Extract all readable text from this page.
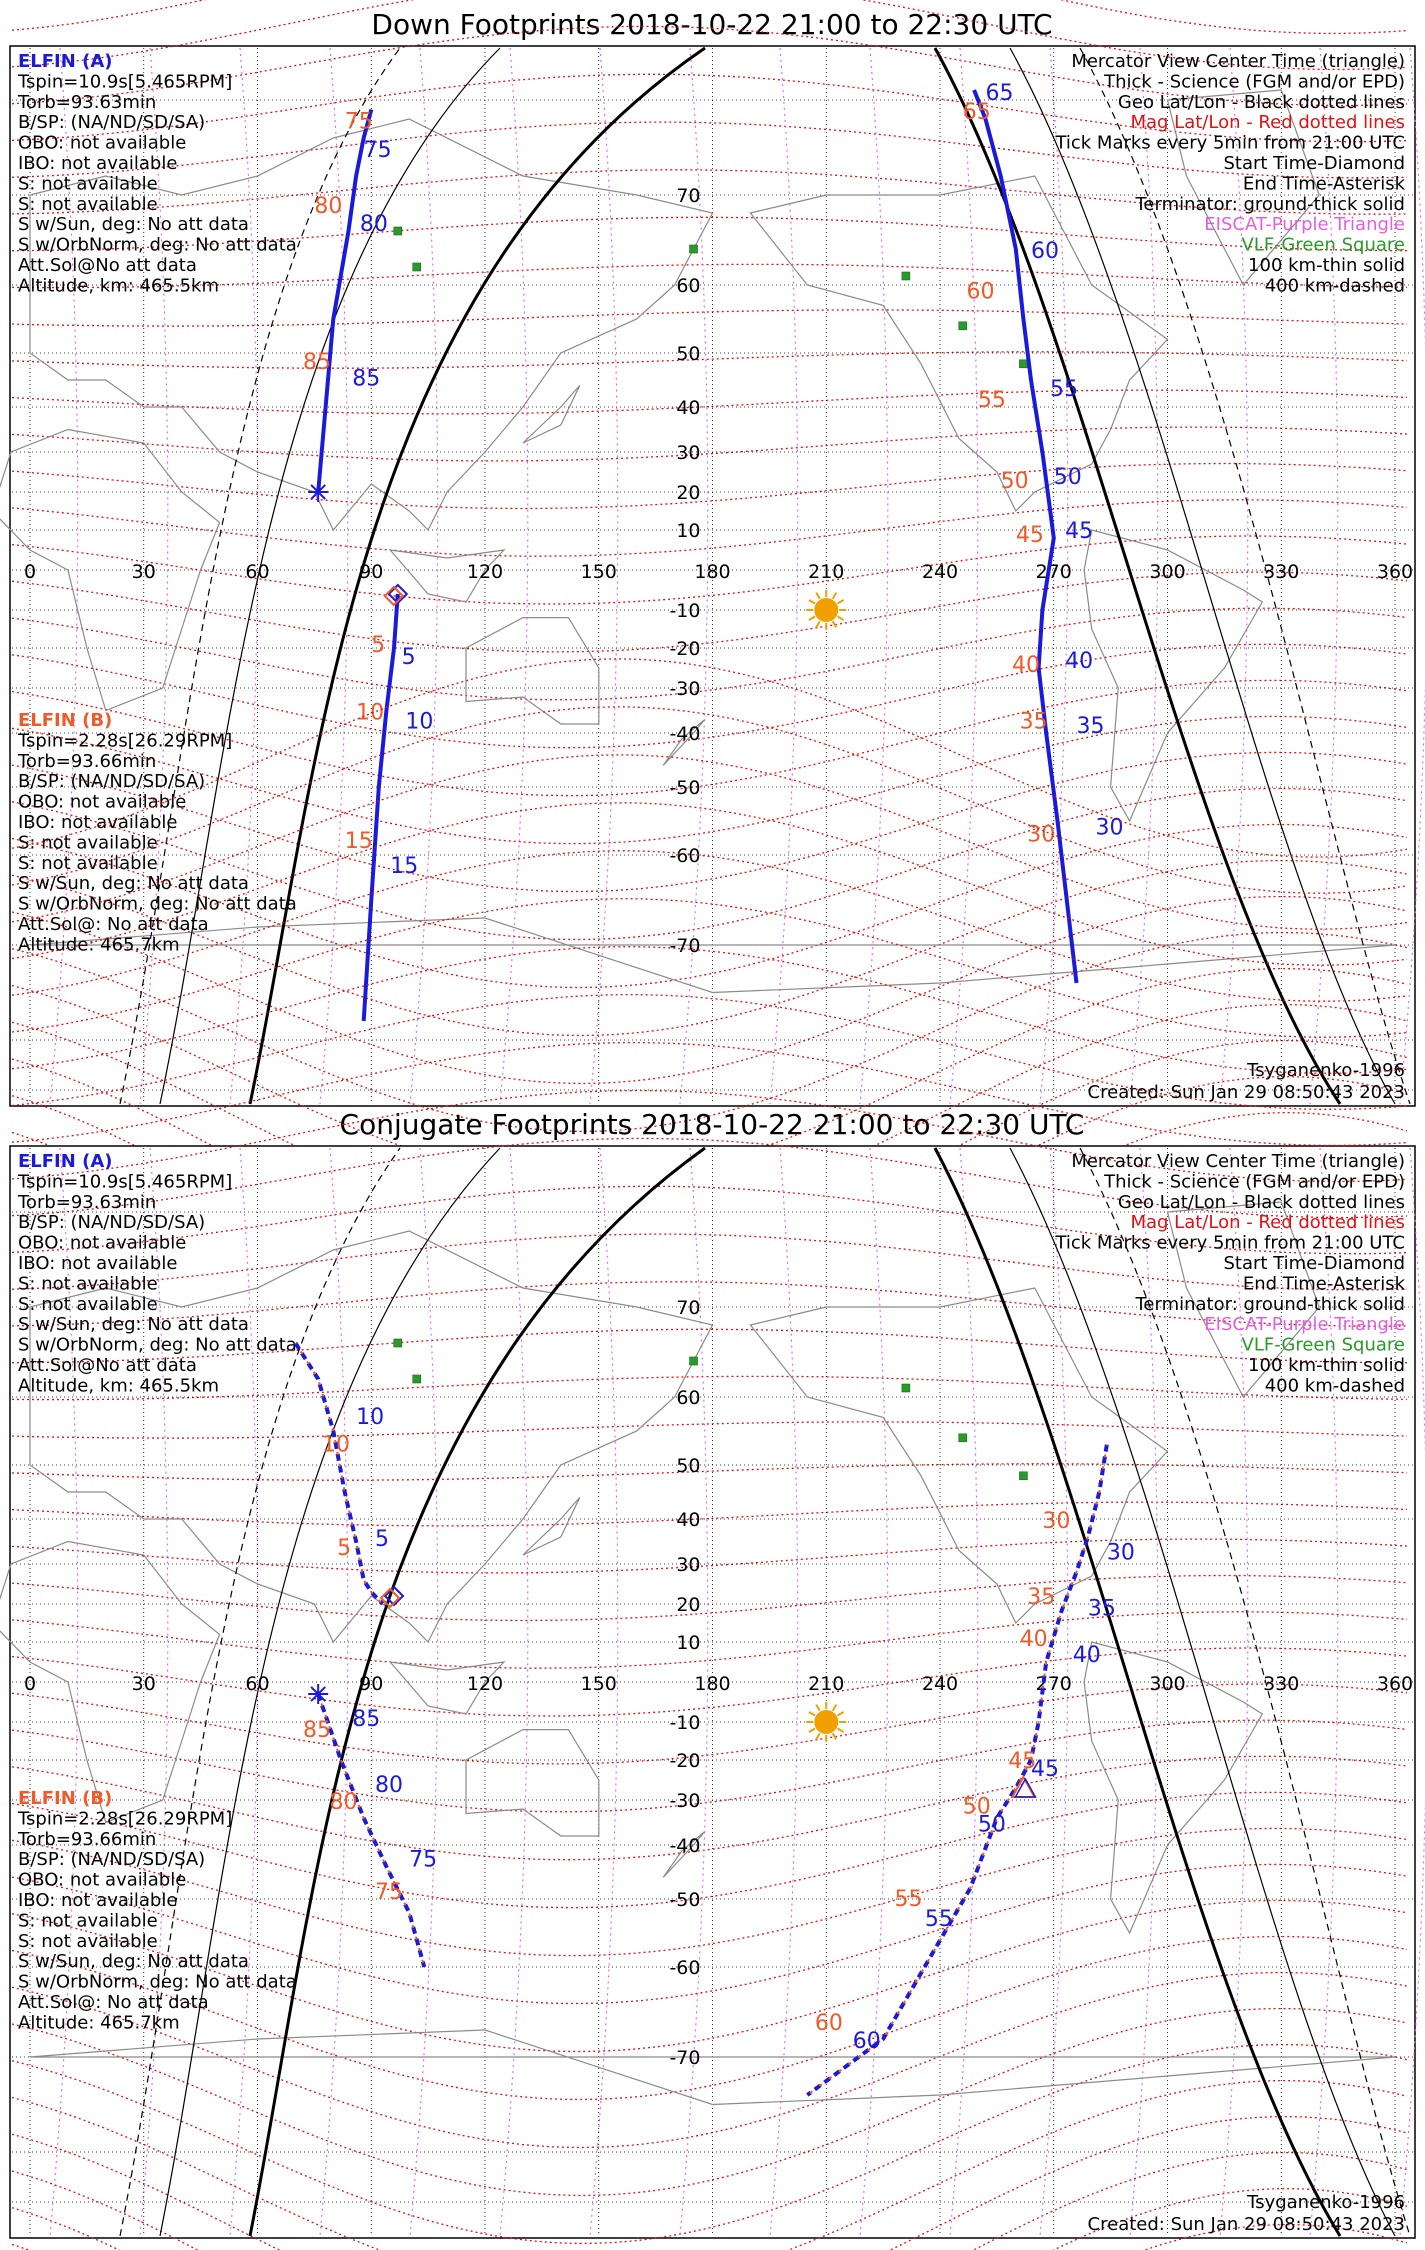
Down Footprints 2018-10-22 21:00 to 22:30 UTC
0	30	60	90	120	150	180	210	240	270	300	330	360
70
60
50
40
30
20
10
-10
-20
-30
-40
-50
-60
-70
ELFIN (A)
Tspin=10.9s[5.465RPM]
Torb=93.63min
B/SP: (NA/ND/SD/SA)
OBO: not available
IBO: not available
S: not available
S: not available
S w/Sun, deg: No att data
S w/OrbNorm, deg: No att data
Att.Sol@No att data
Altitude, km: 465.5km
ELFIN (B)
Tspin=2.28s[26.29RPM]
Torb=93.66min
B/SP: (NA/ND/SD/SA)
OBO: not available
IBO: not available
S: not available
S: not available
S w/Sun, deg: No att data
S w/OrbNorm, deg: No att data
Att.Sol@: No att data
Altitude: 465.7km
Mercator View Center Time (triangle)
Thick - Science (FGM and/or EPD)
Geo Lat/Lon - Black dotted lines
Mag Lat/Lon - Red dotted lines
Tick Marks every 5min from 21:00 UTC
Start Time-Diamond
End Time-Asterisk
Terminator: ground-thick solid
EISCAT-Purple Triangle
VLF-Green Square
100 km-thin solid
400 km-dashed
Tsyganenko-1996
Created: Sun Jan 29 08:50:43 2023
75
80
85
75
80
85
5
10
15
5
10
15
65
60
55
50
45
40
35
30
65
60
55
50
45
40
35
30
Conjugate Footprints 2018-10-22 21:00 to 22:30 UTC
0	30	60	90	120	150	180	210	240	270	300	330	360
70
60
50
40
30
20
10
-10
-20
-30
-40
-50
-60
-70
ELFIN (A)
Tspin=10.9s[5.465RPM]
Torb=93.63min
B/SP: (NA/ND/SD/SA)
OBO: not available
IBO: not available
S: not available
S: not available
S w/Sun, deg: No att data
S w/OrbNorm, deg: No att data
Att.Sol@No att data
Altitude, km: 465.5km
ELFIN (B)
Tspin=2.28s[26.29RPM]
Torb=93.66min
B/SP: (NA/ND/SD/SA)
OBO: not available
IBO: not available
S: not available
S: not available
S w/Sun, deg: No att data
S w/OrbNorm, deg: No att data
Att.Sol@: No att data
Altitude: 465.7km
Mercator View Center Time (triangle)
Thick - Science (FGM and/or EPD)
Geo Lat/Lon - Black dotted lines
Mag Lat/Lon - Red dotted lines
Tick Marks every 5min from 21:00 UTC
Start Time-Diamond
End Time-Asterisk
Terminator: ground-thick solid
EISCAT-Purple Triangle
VLF-Green Square
100 km-thin solid
400 km-dashed
Tsyganenko-1996
Created: Sun Jan 29 08:50:43 2023
10
5
10
5
85
80
75
85
80
75
30
35
40
45
50
55
60
30
35
40
45
50
55
60
